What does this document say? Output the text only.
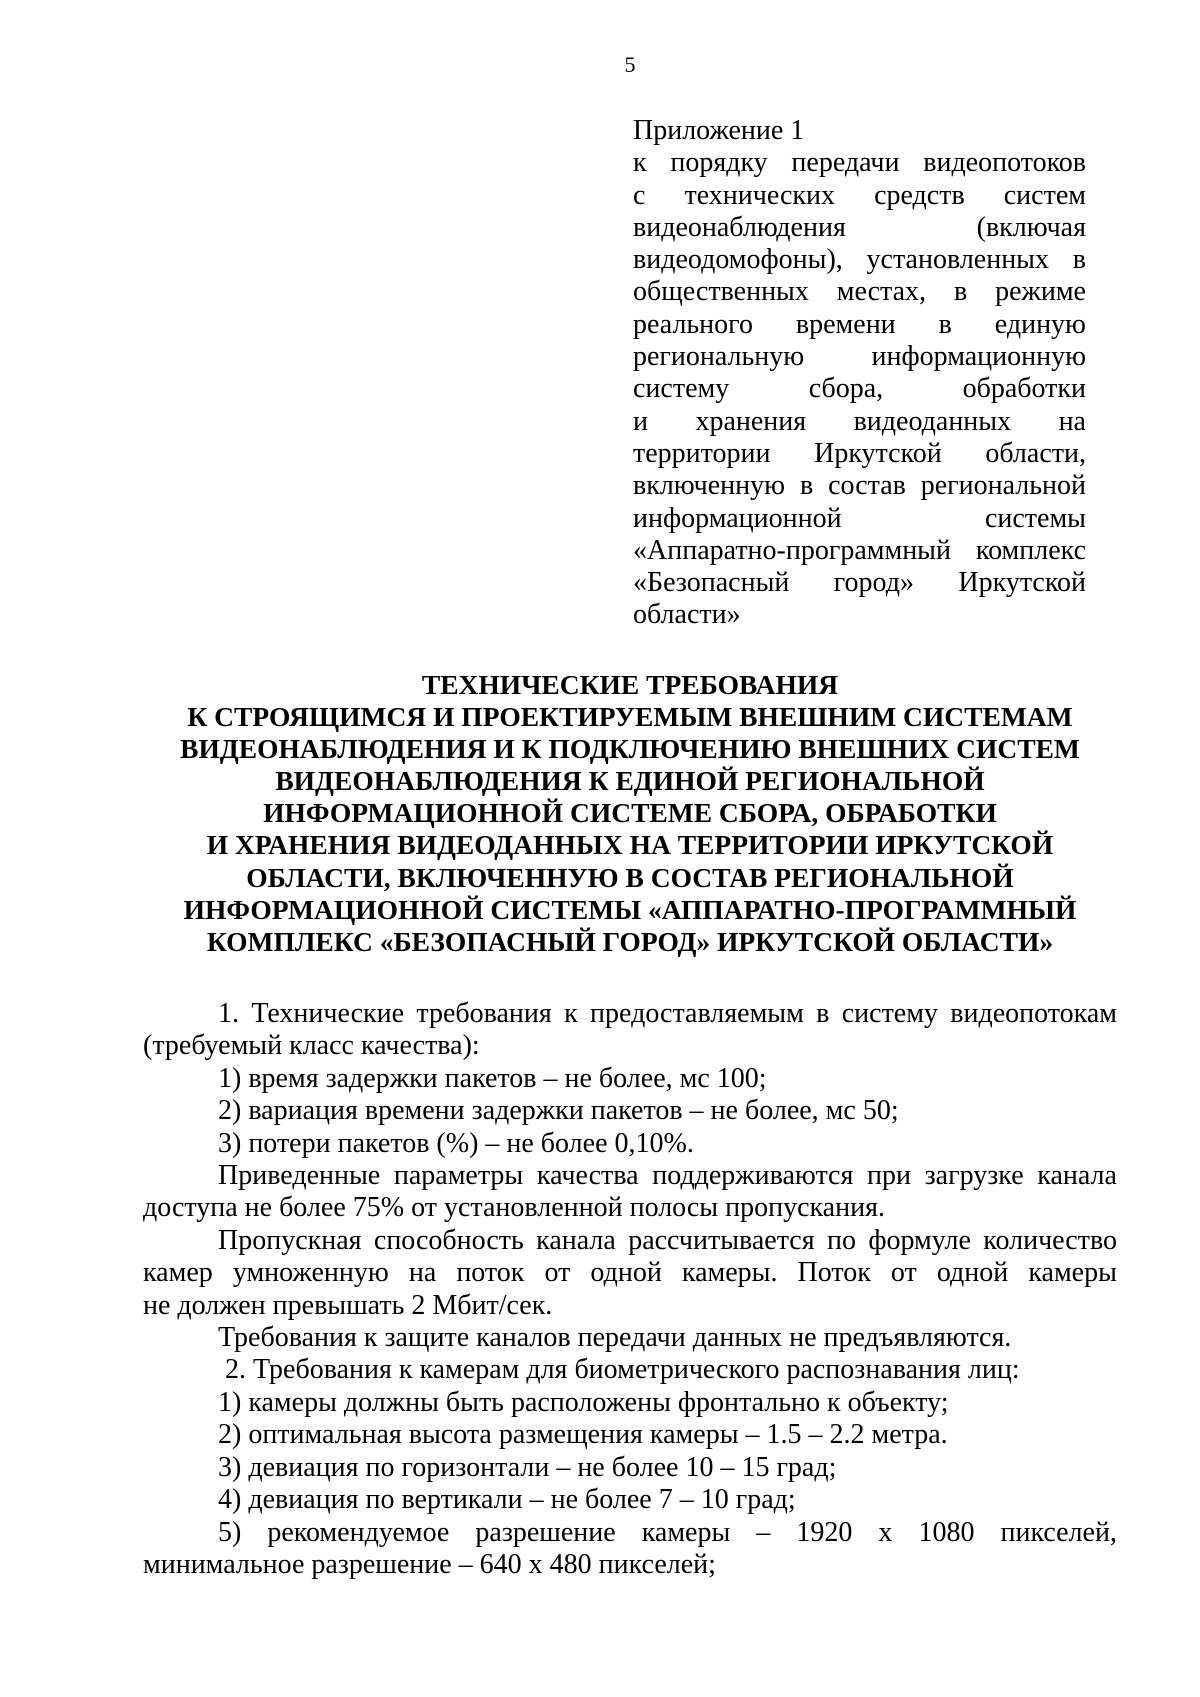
5
Приложение 1
к порядку передачи видеопотоков
с технических средств систем
видеонаблюдения	(включая
видеодомофоны), установленных в
общественных местах, в режиме
реального времени в единую
региональную информационную
систему	сбора,	обработки
и хранения видеоданных на
территории Иркутской области,
включенную в состав региональной
информационной	системы
«Аппаратно-программный комплекс
«Безопасный город» Иркутской
области»
ТЕХНИЧЕСКИЕ ТРЕБОВАНИЯ
К СТРОЯЩИМСЯ И ПРОЕКТИРУЕМЫМ ВНЕШНИМ СИСТЕМАМ
ВИДЕОНАБЛЮДЕНИЯ И К ПОДКЛЮЧЕНИЮ ВНЕШНИХ СИСТЕМ
ВИДЕОНАБЛЮДЕНИЯ К ЕДИНОЙ РЕГИОНАЛЬНОЙ
ИНФОРМАЦИОННОЙ СИСТЕМЕ СБОРА, ОБРАБОТКИ
И ХРАНЕНИЯ ВИДЕОДАННЫХ НА ТЕРРИТОРИИ ИРКУТСКОЙ
ОБЛАСТИ, ВКЛЮЧЕННУЮ В СОСТАВ РЕГИОНАЛЬНОЙ
ИНФОРМАЦИОННОЙ СИСТЕМЫ «АППАРАТНО-ПРОГРАММНЫЙ
КОМПЛЕКС «БЕЗОПАСНЫЙ ГОРОД» ИРКУТСКОЙ ОБЛАСТИ»
1. Технические требования к предоставляемым в систему видеопотокам
(требуемый класс качества):
1) время задержки пакетов – не более, мс 100;
2) вариация времени задержки пакетов – не более, мс 50;
3) потери пакетов (%) – не более 0,10%.
Приведенные параметры качества поддерживаются при загрузке канала
доступа не более 75% от установленной полосы пропускания.
Пропускная способность канала рассчитывается по формуле количество
камер умноженную на поток от одной камеры. Поток от одной камеры
не должен превышать 2 Мбит/сек.
Требования к защите каналов передачи данных не предъявляются.
2. Требования к камерам для биометрического распознавания лиц:
1) камеры должны быть расположены фронтально к объекту;
2) оптимальная высота размещения камеры – 1.5 – 2.2 метра.
3) девиация по горизонтали – не более 10 – 15 град;
4) девиация по вертикали – не более 7 – 10 град;
5) рекомендуемое разрешение камеры – 1920 х 1080 пикселей,
минимальное разрешение – 640 х 480 пикселей;
